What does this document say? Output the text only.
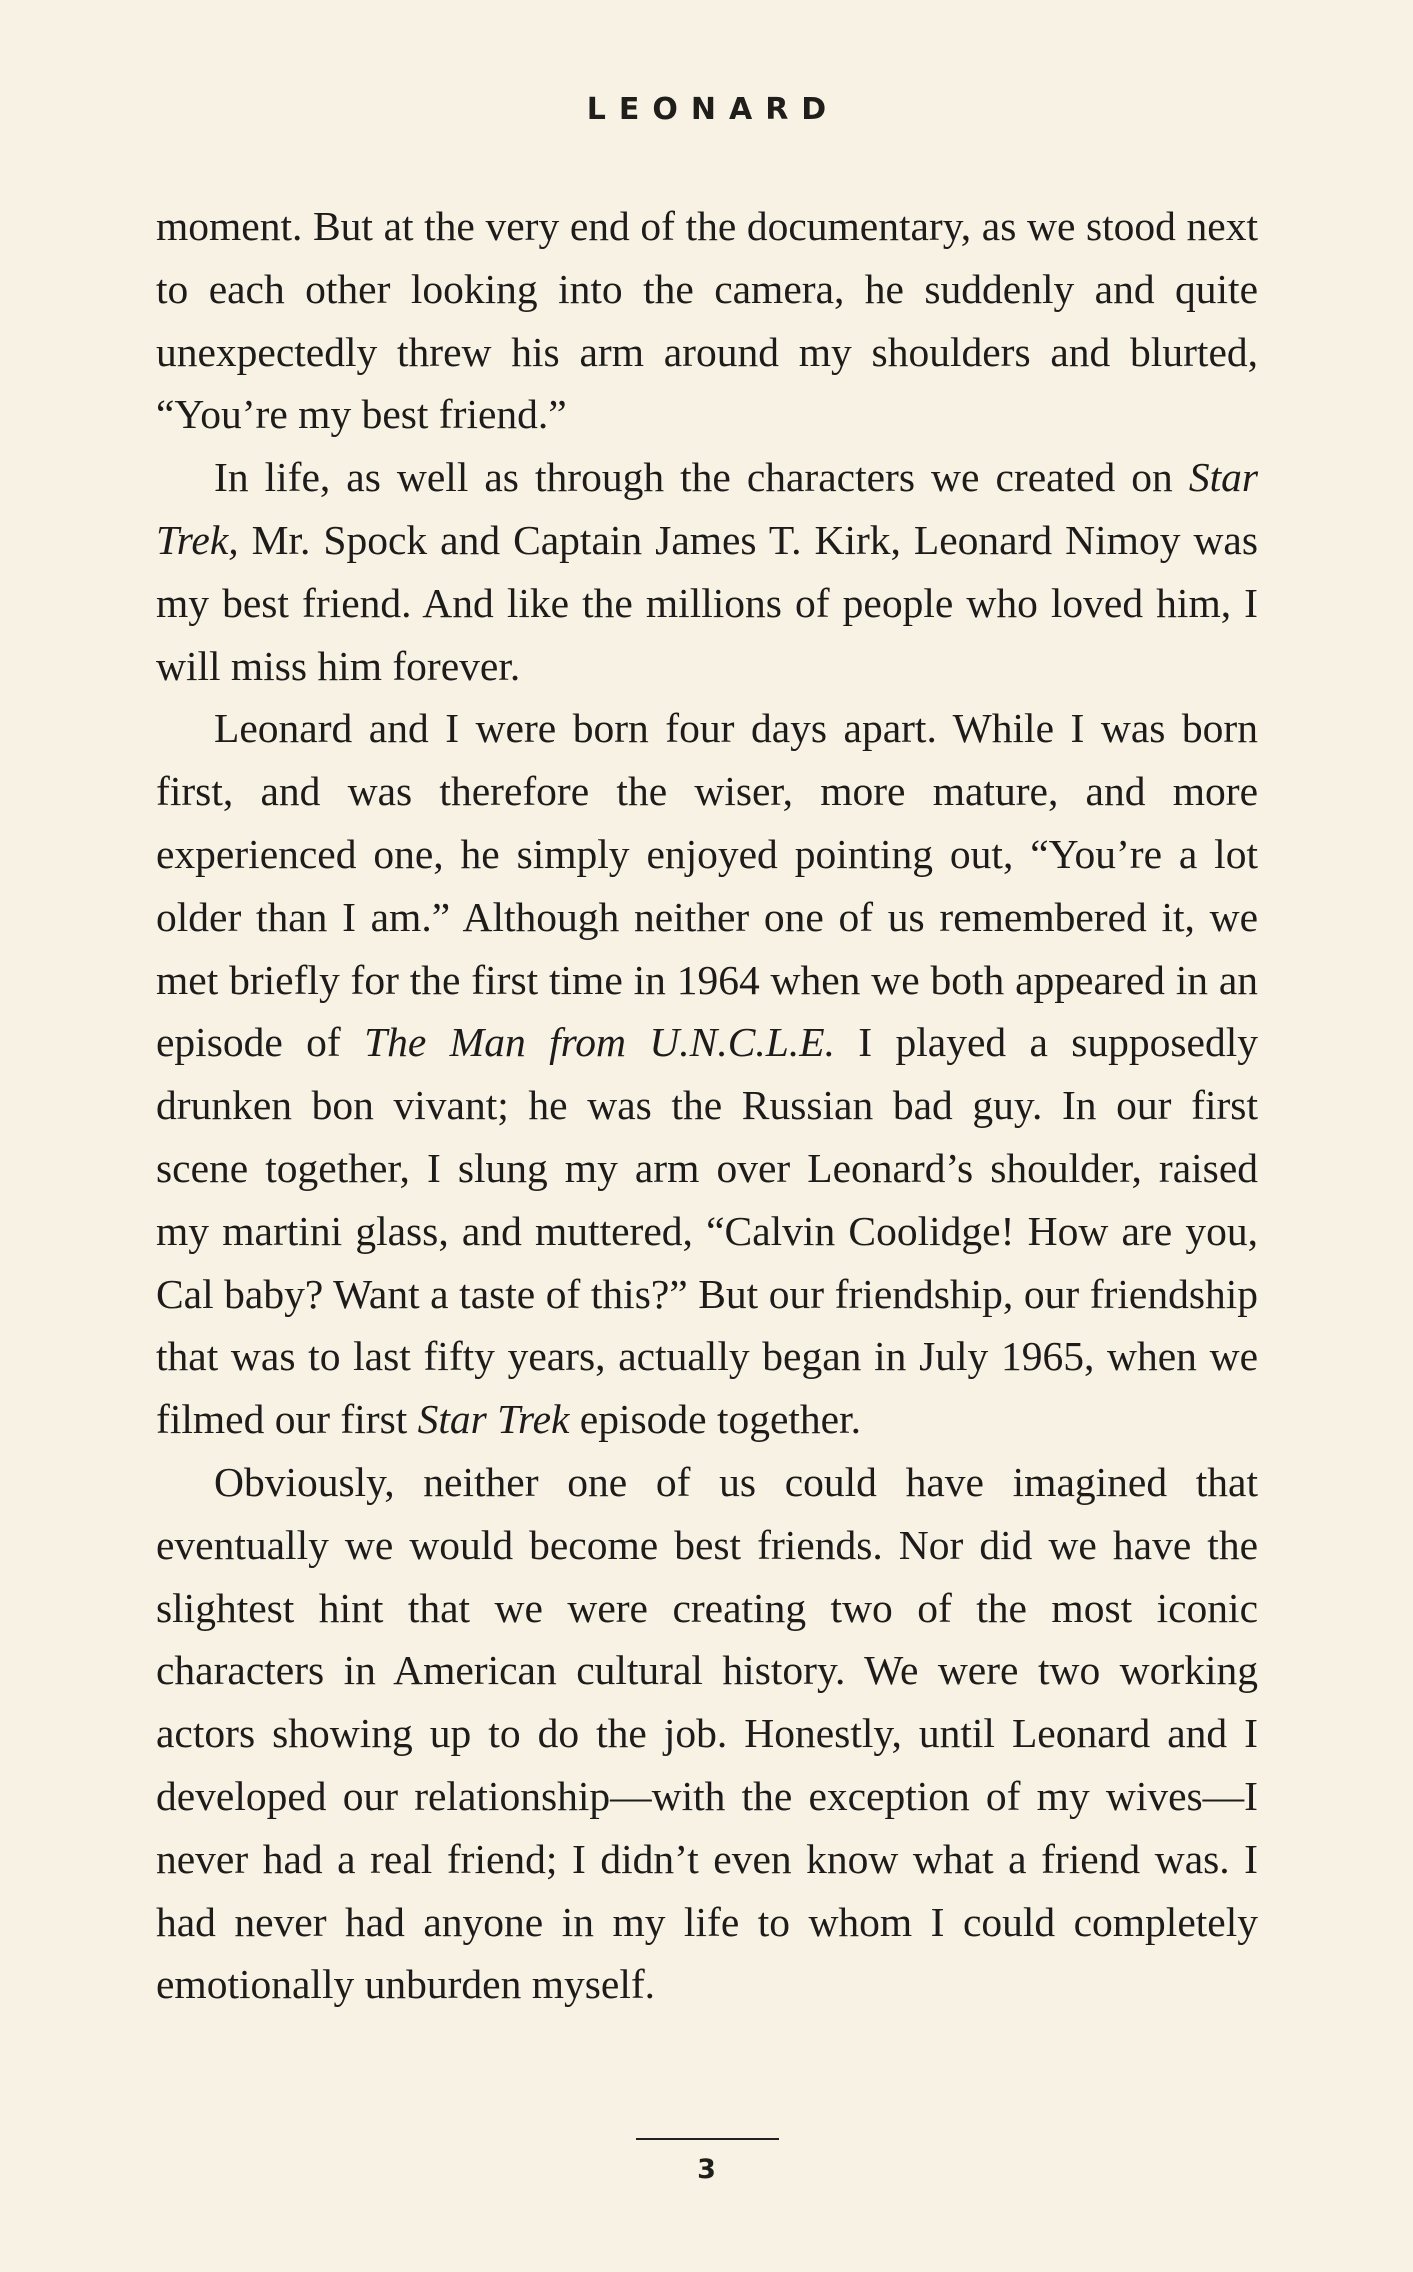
LEONARD

moment. But at the very end of the documentary, as we stood next to each other looking into the camera, he suddenly and quite unexpectedly threw his arm around my shoulders and blurted, “You’re my best friend.”

In life, as well as through the characters we created on Star Trek, Mr. Spock and Captain James T. Kirk, Leonard Nimoy was my best friend. And like the millions of people who loved him, I will miss him forever.

Leonard and I were born four days apart. While I was born first, and was therefore the wiser, more mature, and more experienced one, he simply enjoyed pointing out, “You’re a lot older than I am.” Although neither one of us remembered it, we met briefly for the first time in 1964 when we both appeared in an episode of The Man from U.N.C.L.E. I played a supposedly drunken bon vivant; he was the Russian bad guy. In our first scene together, I slung my arm over Leonard’s shoulder, raised my martini glass, and muttered, “Calvin Coolidge! How are you, Cal baby? Want a taste of this?” But our friendship, our friendship that was to last fifty years, actually began in July 1965, when we filmed our first Star Trek episode together.

Obviously, neither one of us could have imagined that eventually we would become best friends. Nor did we have the slightest hint that we were creating two of the most iconic characters in American cultural history. We were two working actors showing up to do the job. Honestly, until Leonard and I developed our relationship—with the exception of my wives—I never had a real friend; I didn’t even know what a friend was. I had never had anyone in my life to whom I could completely emotionally unburden myself.

3
